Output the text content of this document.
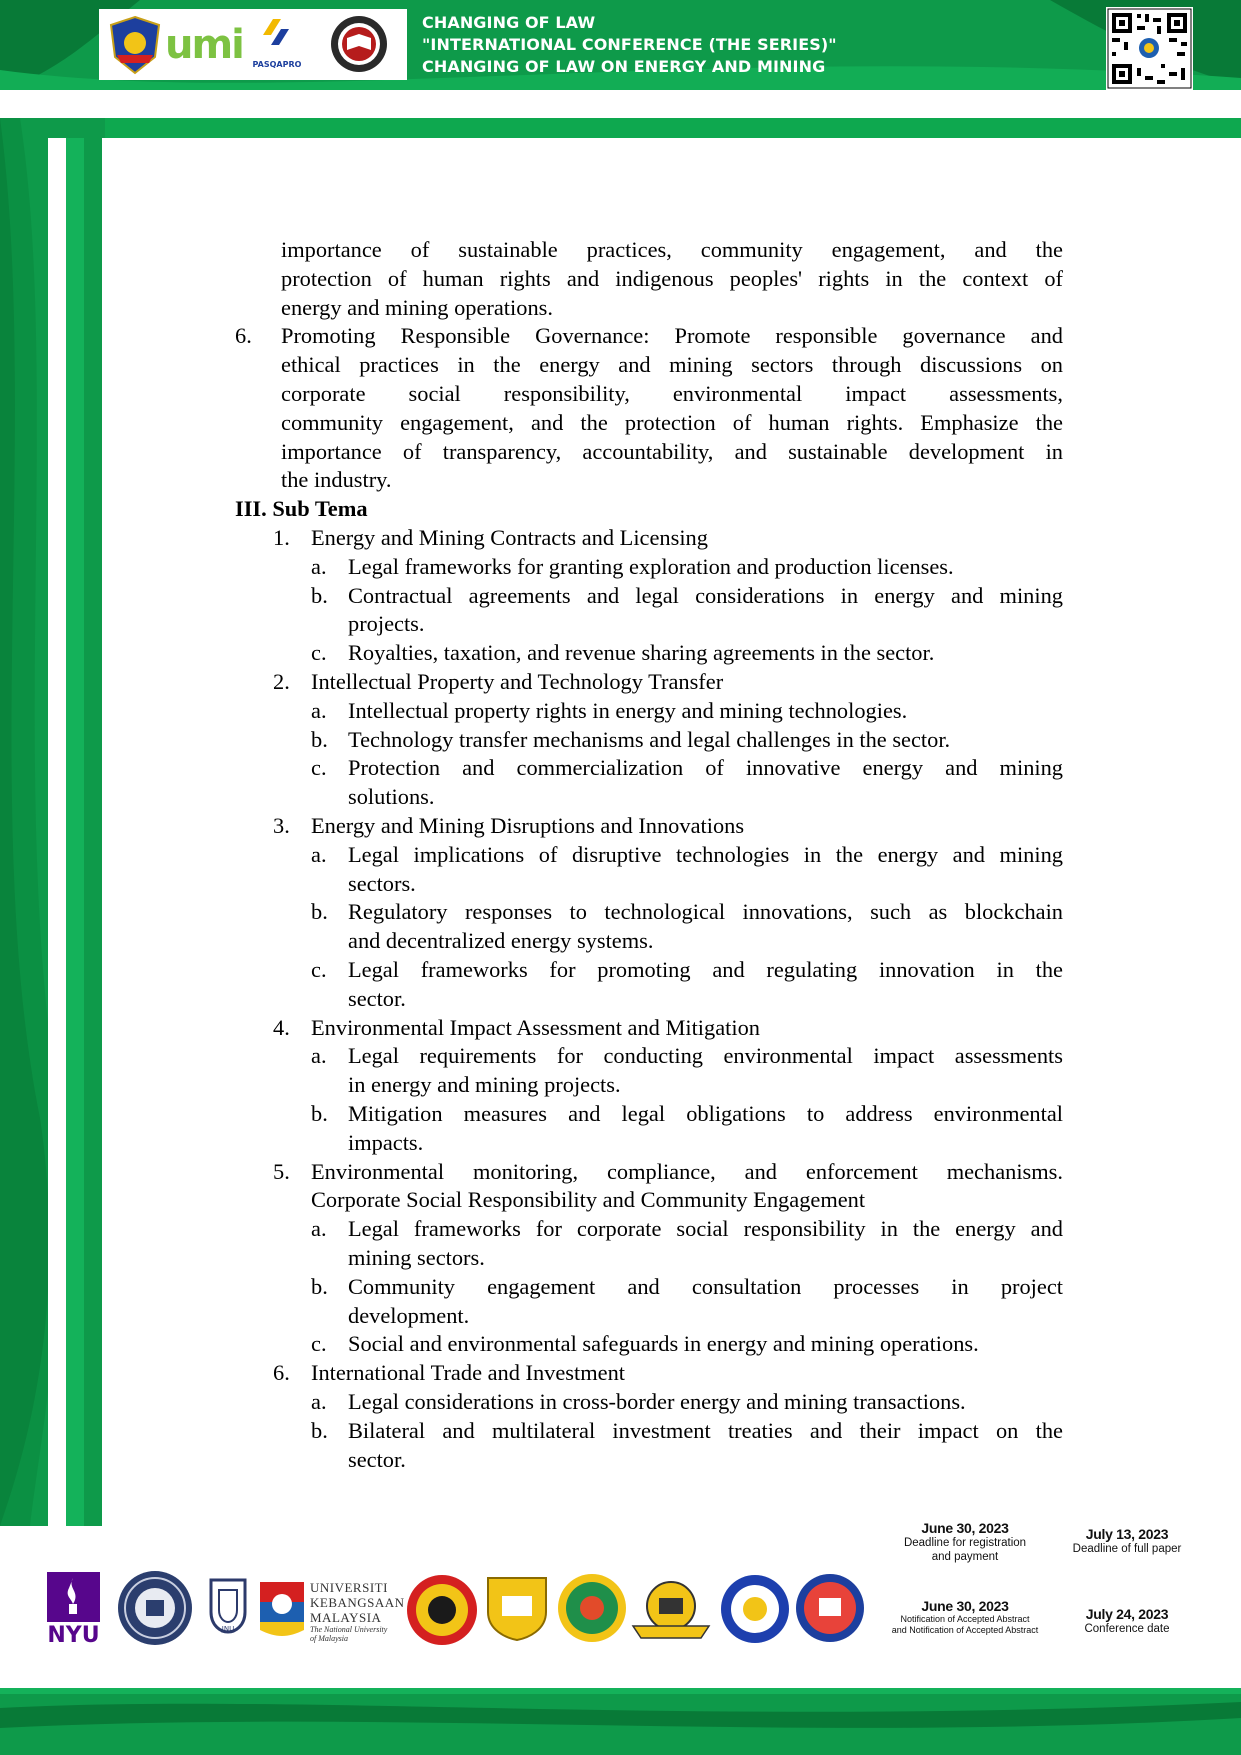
umi	PASQAPRO
CHANGING OF LAW
"INTERNATIONAL CONFERENCE (THE SERIES)"
CHANGING OF LAW ON ENERGY AND MINING
importance of sustainable practices, community engagement, and the
protection of human rights and indigenous peoples' rights in the context of
energy and mining operations.
6. Promoting Responsible Governance: Promote responsible governance and
ethical practices in the energy and mining sectors through discussions on
corporate social responsibility, environmental impact assessments,
community engagement, and the protection of human rights. Emphasize the
importance of transparency, accountability, and sustainable development in
the industry.
III. Sub Tema
1. Energy and Mining Contracts and Licensing
a. Legal frameworks for granting exploration and production licenses.
b. Contractual agreements and legal considerations in energy and mining
projects.
c. Royalties, taxation, and revenue sharing agreements in the sector.
2. Intellectual Property and Technology Transfer
a. Intellectual property rights in energy and mining technologies.
b. Technology transfer mechanisms and legal challenges in the sector.
c. Protection and commercialization of innovative energy and mining
solutions.
3. Energy and Mining Disruptions and Innovations
a. Legal implications of disruptive technologies in the energy and mining
sectors.
b. Regulatory responses to technological innovations, such as blockchain
and decentralized energy systems.
c. Legal frameworks for promoting and regulating innovation in the
sector.
4. Environmental Impact Assessment and Mitigation
a. Legal requirements for conducting environmental impact assessments
in energy and mining projects.
b. Mitigation measures and legal obligations to address environmental
impacts.
5. Environmental monitoring, compliance, and enforcement mechanisms.
Corporate Social Responsibility and Community Engagement
a. Legal frameworks for corporate social responsibility in the energy and
mining sectors.
b. Community engagement and consultation processes in project
development.
c. Social and environmental safeguards in energy and mining operations.
6. International Trade and Investment
a. Legal considerations in cross-border energy and mining transactions.
b. Bilateral and multilateral investment treaties and their impact on the
sector.
NYU	JNU
UNIVERSITI
KEBANGSAAN
MALAYSIA
The National University
of Malaysia
June 30, 2023
Deadline for registration
and payment
July 13, 2023
Deadline of full paper
June 30, 2023
Notification of Accepted Abstract
and Notification of Accepted Abstract
July 24, 2023
Conference date
